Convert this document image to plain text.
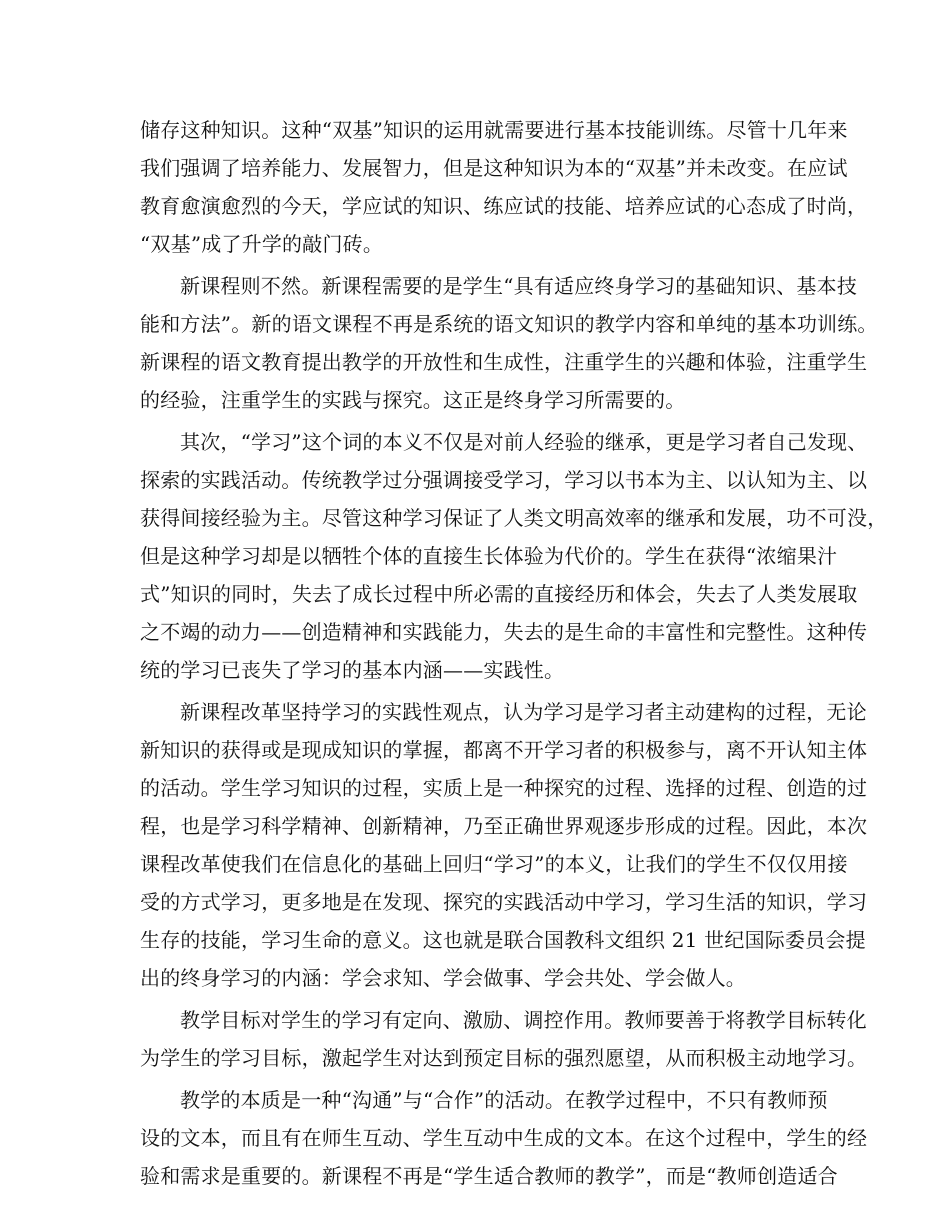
储存这种知识。这种“双基”知识的运用就需要进行基本技能训练。尽管十几年来
我们强调了培养能力、发展智力，但是这种知识为本的“双基”并未改变。在应试
教育愈演愈烈的今天，学应试的知识、练应试的技能、培养应试的心态成了时尚，
“双基”成了升学的敲门砖。
新课程则不然。新课程需要的是学生“具有适应终身学习的基础知识、基本技
能和方法”。新的语文课程不再是系统的语文知识的教学内容和单纯的基本功训练。
新课程的语文教育提出教学的开放性和生成性，注重学生的兴趣和体验，注重学生
的经验，注重学生的实践与探究。这正是终身学习所需要的。
其次，“学习”这个词的本义不仅是对前人经验的继承，更是学习者自己发现、
探索的实践活动。传统教学过分强调接受学习，学习以书本为主、以认知为主、以
获得间接经验为主。尽管这种学习保证了人类文明高效率的继承和发展，功不可没，
但是这种学习却是以牺牲个体的直接生长体验为代价的。学生在获得“浓缩果汁
式”知识的同时，失去了成长过程中所必需的直接经历和体会，失去了人类发展取
之不竭的动力——创造精神和实践能力，失去的是生命的丰富性和完整性。这种传
统的学习已丧失了学习的基本内涵——实践性。
新课程改革坚持学习的实践性观点，认为学习是学习者主动建构的过程，无论
新知识的获得或是现成知识的掌握，都离不开学习者的积极参与，离不开认知主体
的活动。学生学习知识的过程，实质上是一种探究的过程、选择的过程、创造的过
程，也是学习科学精神、创新精神，乃至正确世界观逐步形成的过程。因此，本次
课程改革使我们在信息化的基础上回归“学习”的本义，让我们的学生不仅仅用接
受的方式学习，更多地是在发现、探究的实践活动中学习，学习生活的知识，学习
生存的技能，学习生命的意义。这也就是联合国教科文组织 21 世纪国际委员会提
出的终身学习的内涵：学会求知、学会做事、学会共处、学会做人。
教学目标对学生的学习有定向、激励、调控作用。教师要善于将教学目标转化
为学生的学习目标，激起学生对达到预定目标的强烈愿望，从而积极主动地学习。
教学的本质是一种“沟通”与“合作”的活动。在教学过程中，不只有教师预
设的文本，而且有在师生互动、学生互动中生成的文本。在这个过程中，学生的经
验和需求是重要的。新课程不再是“学生适合教师的教学”，而是“教师创造适合
